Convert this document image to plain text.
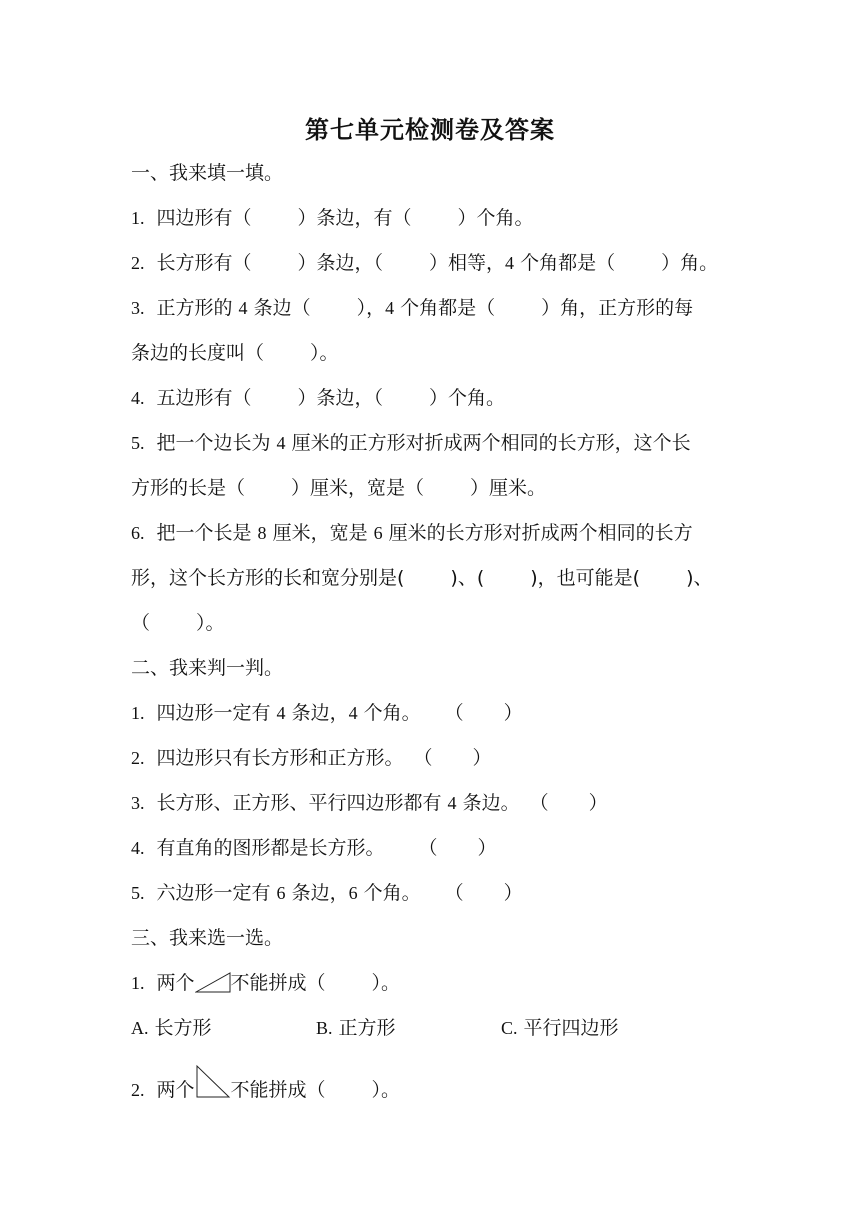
第七单元检测卷及答案
一、我来填一填。
1. 四边形有（ ）条边，有（ ）个角。
2. 长方形有（ ）条边，（ ）相等，4 个角都是（ ）角。
3. 正方形的 4 条边（ ），4 个角都是（ ）角，正方形的每
条边的长度叫（ ）。
4. 五边形有（ ）条边，（ ）个角。
5. 把一个边长为 4 厘米的正方形对折成两个相同的长方形，这个长
方形的长是（ ）厘米，宽是（ ）厘米。
6. 把一个长是 8 厘米，宽是 6 厘米的长方形对折成两个相同的长方
形，这个长方形的长和宽分别是( )、( )，也可能是( )、
（ ）。
二、我来判一判。
1. 四边形一定有 4 条边，4 个角。 （ ）
2. 四边形只有长方形和正方形。 （ ）
3. 长方形、正方形、平行四边形都有 4 条边。 （ ）
4. 有直角的图形都是长方形。 （ ）
5. 六边形一定有 6 条边，6 个角。 （ ）
三、我来选一选。
1. 两个 不能拼成（ ）。
A. 长方形	B. 正方形	C. 平行四边形
2. 两个 不能拼成（ ）。
